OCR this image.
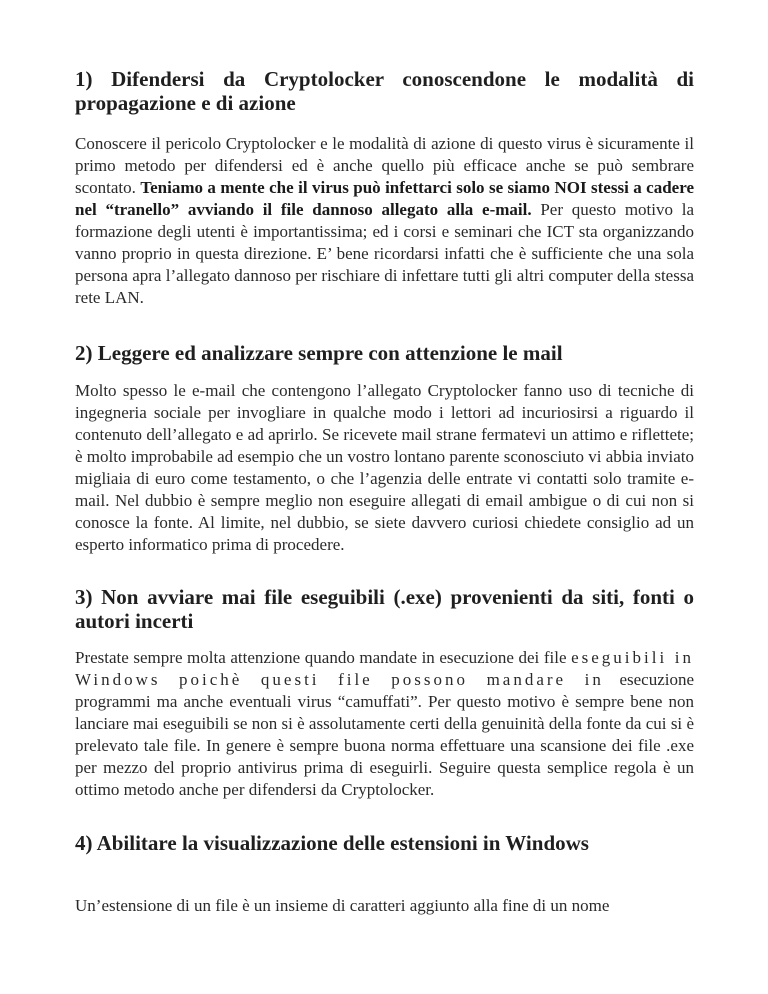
1) Difendersi da Cryptolocker conoscendone le modalità di propagazione e di azione

Conoscere il pericolo Cryptolocker e le modalità di azione di questo virus è sicuramente il primo metodo per difendersi ed è anche quello più efficace anche se può sembrare scontato. Teniamo a mente che il virus può infettarci solo se siamo NOI stessi a cadere nel “tranello” avviando il file dannoso allegato alla e-mail. Per questo motivo la formazione degli utenti è importantissima; ed i corsi e seminari che ICT sta organizzando vanno proprio in questa direzione. E’ bene ricordarsi infatti che è sufficiente che una sola persona apra l’allegato dannoso per rischiare di infettare tutti gli altri computer della stessa rete LAN.

2) Leggere ed analizzare sempre con attenzione le mail

Molto spesso le e-mail che contengono l’allegato Cryptolocker fanno uso di tecniche di ingegneria sociale per invogliare in qualche modo i lettori ad incuriosirsi a riguardo il contenuto dell’allegato e ad aprirlo. Se ricevete mail strane fermatevi un attimo e riflettete; è molto improbabile ad esempio che un vostro lontano parente sconosciuto vi abbia inviato migliaia di euro come testamento, o che l’agenzia delle entrate vi contatti solo tramite e-mail. Nel dubbio è sempre meglio non eseguire allegati di email ambigue o di cui non si conosce la fonte. Al limite, nel dubbio, se siete davvero curiosi chiedete consiglio ad un esperto informatico prima di procedere.

3) Non avviare mai file eseguibili (.exe) provenienti da siti, fonti o autori incerti

Prestate sempre molta attenzione quando mandate in esecuzione dei file eseguibili in Windows poichè questi file possono mandare in esecuzione programmi ma anche eventuali virus “camuffati”. Per questo motivo è sempre bene non lanciare mai eseguibili se non si è assolutamente certi della genuinità della fonte da cui si è prelevato tale file. In genere è sempre buona norma effettuare una scansione dei file .exe per mezzo del proprio antivirus prima di eseguirli. Seguire questa semplice regola è un ottimo metodo anche per difendersi da Cryptolocker.

4) Abilitare la visualizzazione delle estensioni in Windows

Un’estensione di un file è un insieme di caratteri aggiunto alla fine di un nome
